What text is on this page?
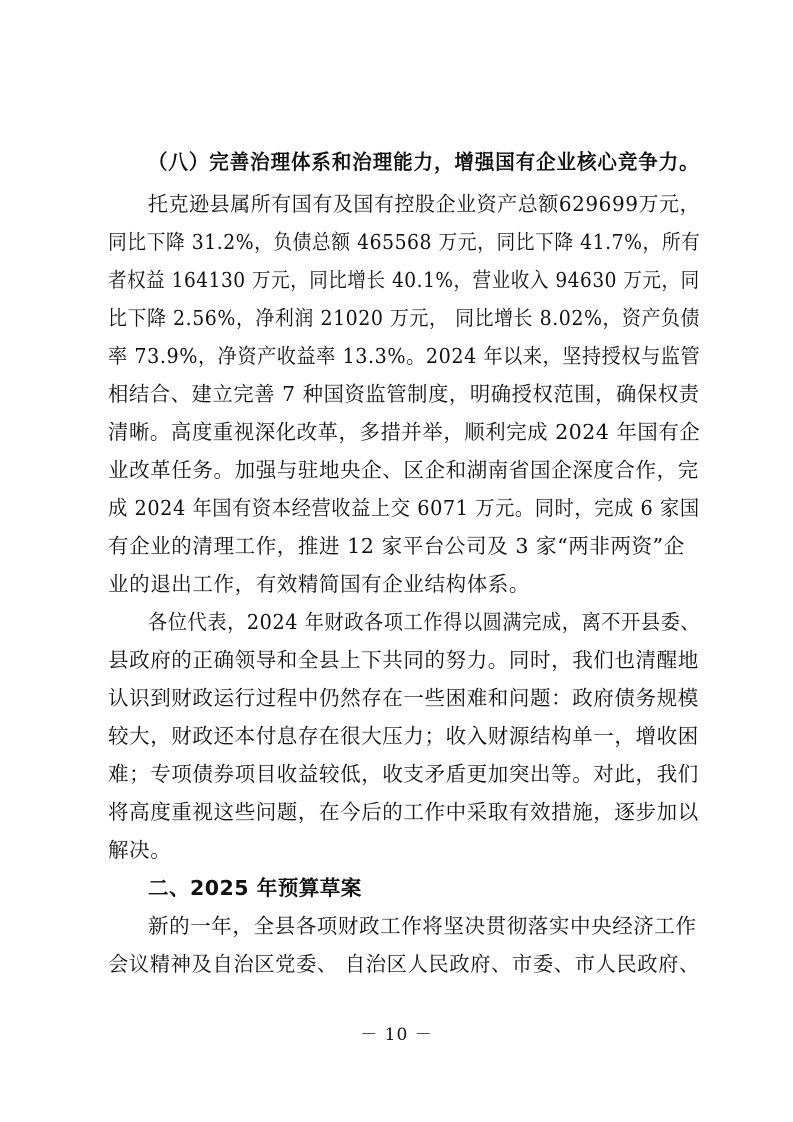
（八）完善治理体系和治理能力，增强国有企业核心竞争力。
托克逊县属所有国有及国有控股企业资产总额629699万元，
同比下降 31.2%，负债总额 465568 万元，同比下降 41.7%，所有
者权益 164130 万元，同比增长 40.1%，营业收入 94630 万元，同
比下降 2.56%，净利润 21020 万元， 同比增长 8.02%，资产负债
率 73.9%，净资产收益率 13.3%。2024 年以来，坚持授权与监管
相结合、建立完善 7 种国资监管制度，明确授权范围，确保权责
清晰。高度重视深化改革，多措并举，顺利完成 2024 年国有企
业改革任务。加强与驻地央企、区企和湖南省国企深度合作，完
成 2024 年国有资本经营收益上交 6071 万元。同时，完成 6 家国
有企业的清理工作，推进 12 家平台公司及 3 家“两非两资”企
业的退出工作，有效精简国有企业结构体系。
各位代表，2024 年财政各项工作得以圆满完成，离不开县委、
县政府的正确领导和全县上下共同的努力。同时，我们也清醒地
认识到财政运行过程中仍然存在一些困难和问题：政府债务规模
较大，财政还本付息存在很大压力；收入财源结构单一，增收困
难；专项债券项目收益较低，收支矛盾更加突出等。对此，我们
将高度重视这些问题，在今后的工作中采取有效措施，逐步加以
解决。
二、2025 年预算草案
新的一年，全县各项财政工作将坚决贯彻落实中央经济工作
会议精神及自治区党委、 自治区人民政府、市委、市人民政府、
－ 10 －
